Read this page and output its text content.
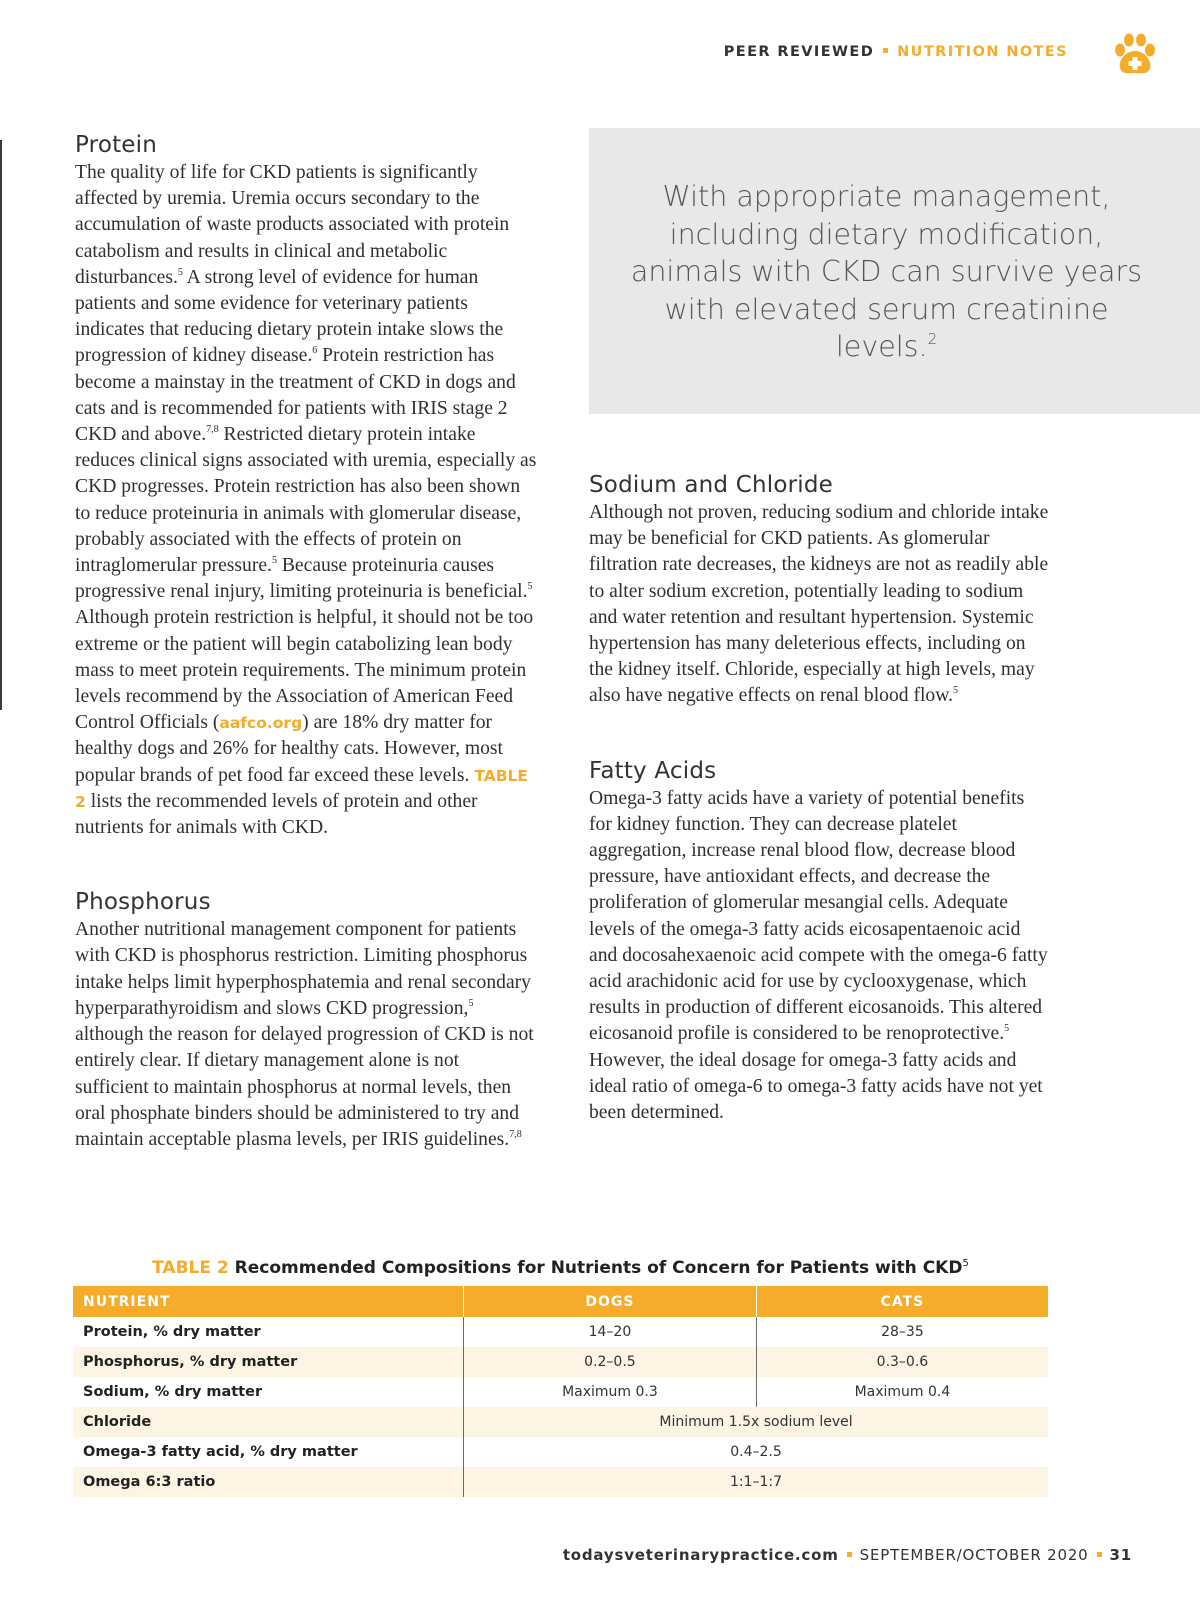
PEER REVIEWED NUTRITION NOTES
Protein

The quality of life for CKD patients is significantly affected by uremia. Uremia occurs secondary to the accumulation of waste products associated with protein catabolism and results in clinical and metabolic disturbances.$^5$ A strong level of evidence for human patients and some evidence for veterinary patients indicates that reducing dietary protein intake slows the progression of kidney disease.$^6$ Protein restriction has become a mainstay in the treatment of CKD in dogs and cats and is recommended for patients with IRIS stage 2 CKD and above.$^{7,8}$ Restricted dietary protein intake reduces clinical signs associated with uremia, especially as CKD progresses. Protein restriction has also been shown to reduce proteinuria in animals with glomerular disease, probably associated with the effects of protein on intraglomerular pressure.$^5$ Because proteinuria causes progressive renal injury, limiting proteinuria is beneficial.$^5$ Although protein restriction is helpful, it should not be too extreme or the patient will begin catabolizing lean body mass to meet protein requirements. The minimum protein levels recommend by the Association of American Feed Control Officials (aafco.org) are 18% dry matter for healthy dogs and 26% for healthy cats. However, most popular brands of pet food far exceed these levels. TABLE 2 lists the recommended levels of protein and other nutrients for animals with CKD.

Phosphorus

Another nutritional management component for patients with CKD is phosphorus restriction. Limiting phosphorus intake helps limit hyperphosphatemia and renal secondary hyperparathyroidism and slows CKD progression,$^5$ although the reason for delayed progression of CKD is not entirely clear. If dietary management alone is not sufficient to maintain phosphorus at normal levels, then oral phosphate binders should be administered to try and maintain acceptable plasma levels, per IRIS guidelines.$^{7,8}$

With appropriate management, including dietary modification, animals with CKD can survive years with elevated serum creatinine levels.$^2$
Sodium and Chloride

Although not proven, reducing sodium and chloride intake may be beneficial for CKD patients. As glomerular filtration rate decreases, the kidneys are not as readily able to alter sodium excretion, potentially leading to sodium and water retention and resultant hypertension. Systemic hypertension has many deleterious effects, including on the kidney itself. Chloride, especially at high levels, may also have negative effects on renal blood flow.$^5$

Fatty Acids

Omega-3 fatty acids have a variety of potential benefits for kidney function. They can decrease platelet aggregation, increase renal blood flow, decrease blood pressure, have antioxidant effects, and decrease the proliferation of glomerular mesangial cells. Adequate levels of the omega-3 fatty acids eicosapentaenoic acid and docosahexaenoic acid compete with the omega-6 fatty acid arachidonic acid for use by cyclooxygenase, which results in production of different eicosanoids. This altered eicosanoid profile is considered to be renoprotective.$^5$ However, the ideal dosage for omega-3 fatty acids and ideal ratio of omega-6 to omega-3 fatty acids have not yet been determined.

TABLE 2 Recommended Compositions for Nutrients of Concern for Patients with CKD$^5$
NUTRIENT	DOGS	CATS
Protein, % dry matter	14–20	28–35
Phosphorus, % dry matter	0.2–0.5	0.3–0.6
Sodium, % dry matter	Maximum 0.3	Maximum 0.4
Chloride	Minimum 1.5x sodium level	
Omega-3 fatty acid, % dry matter	0.4–2.5	
Omega 6:3 ratio	1:1–1:7	
todaysveterinarypractice.com SEPTEMBER/OCTOBER 2020 31
